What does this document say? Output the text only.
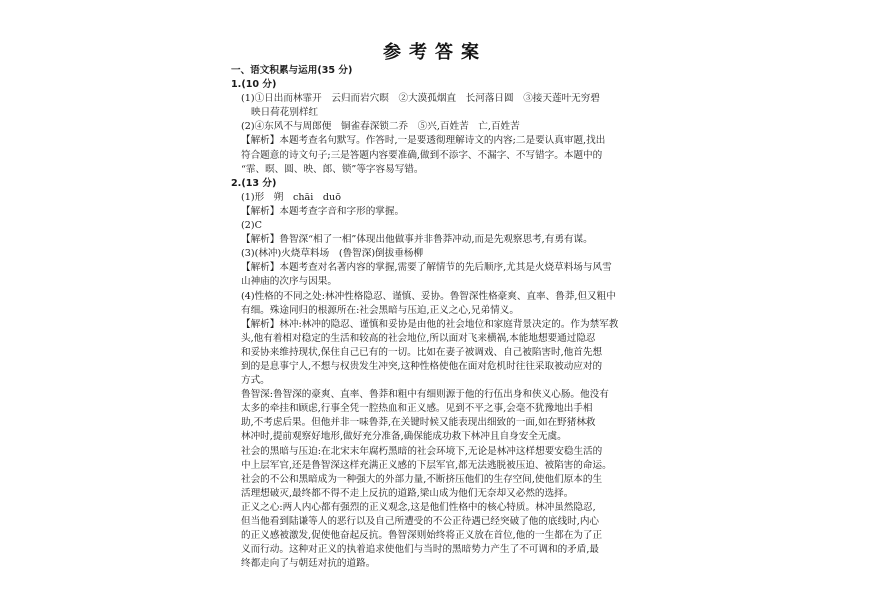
参考答案
一、语文积累与运用(35 分)
1.(10 分)
(1)①日出而林霏开　云归而岩穴暝　②大漠孤烟直　长河落日圆　③接天莲叶无穷碧
映日荷花别样红
(2)④东风不与周郎便　铜雀春深锁二乔　⑤兴,百姓苦　亡,百姓苦
【解析】本题考查名句默写。作答时,一是要透彻理解诗文的内容;二是要认真审题,找出
符合题意的诗文句子;三是答题内容要准确,做到不添字、不漏字、不写错字。本题中的
“霏、暝、圆、映、郎、锁”等字容易写错。
2.(13 分)
(1)形　朔　chāi　duō
【解析】本题考查字音和字形的掌握。
(2)C
【解析】鲁智深“相了一相”体现出他做事并非鲁莽冲动,而是先观察思考,有勇有谋。
(3)(林冲)火烧草料场　(鲁智深)倒拔垂杨柳
【解析】本题考查对名著内容的掌握,需要了解情节的先后顺序,尤其是火烧草料场与风雪
山神庙的次序与因果。
(4)性格的不同之处:林冲性格隐忍、谨慎、妥协。鲁智深性格豪爽、直率、鲁莽,但又粗中
有细。殊途同归的根源所在:社会黑暗与压迫,正义之心,兄弟情义。
【解析】林冲:林冲的隐忍、谨慎和妥协是由他的社会地位和家庭背景决定的。作为禁军教
头,他有着相对稳定的生活和较高的社会地位,所以面对飞来横祸,本能地想要通过隐忍
和妥协来维持现状,保住自己已有的一切。比如在妻子被调戏、自己被陷害时,他首先想
到的是息事宁人,不想与权贵发生冲突,这种性格使他在面对危机时往往采取被动应对的
方式。
鲁智深:鲁智深的豪爽、直率、鲁莽和粗中有细则源于他的行伍出身和侠义心肠。他没有
太多的牵挂和顾虑,行事全凭一腔热血和正义感。见到不平之事,会毫不犹豫地出手相
助,不考虑后果。但他并非一味鲁莽,在关键时候又能表现出细致的一面,如在野猪林救
林冲时,提前观察好地形,做好充分准备,确保能成功救下林冲且自身安全无虞。
社会的黑暗与压迫:在北宋末年腐朽黑暗的社会环境下,无论是林冲这样想要安稳生活的
中上层军官,还是鲁智深这样充满正义感的下层军官,都无法逃脱被压迫、被陷害的命运。
社会的不公和黑暗成为一种强大的外部力量,不断挤压他们的生存空间,使他们原本的生
活理想破灭,最终都不得不走上反抗的道路,梁山成为他们无奈却又必然的选择。
正义之心:两人内心都有强烈的正义观念,这是他们性格中的核心特质。林冲虽然隐忍,
但当他看到陆谦等人的恶行以及自己所遭受的不公正待遇已经突破了他的底线时,内心
的正义感被激发,促使他奋起反抗。鲁智深则始终将正义放在首位,他的一生都在为了正
义而行动。这种对正义的执着追求使他们与当时的黑暗势力产生了不可调和的矛盾,最
终都走向了与朝廷对抗的道路。
